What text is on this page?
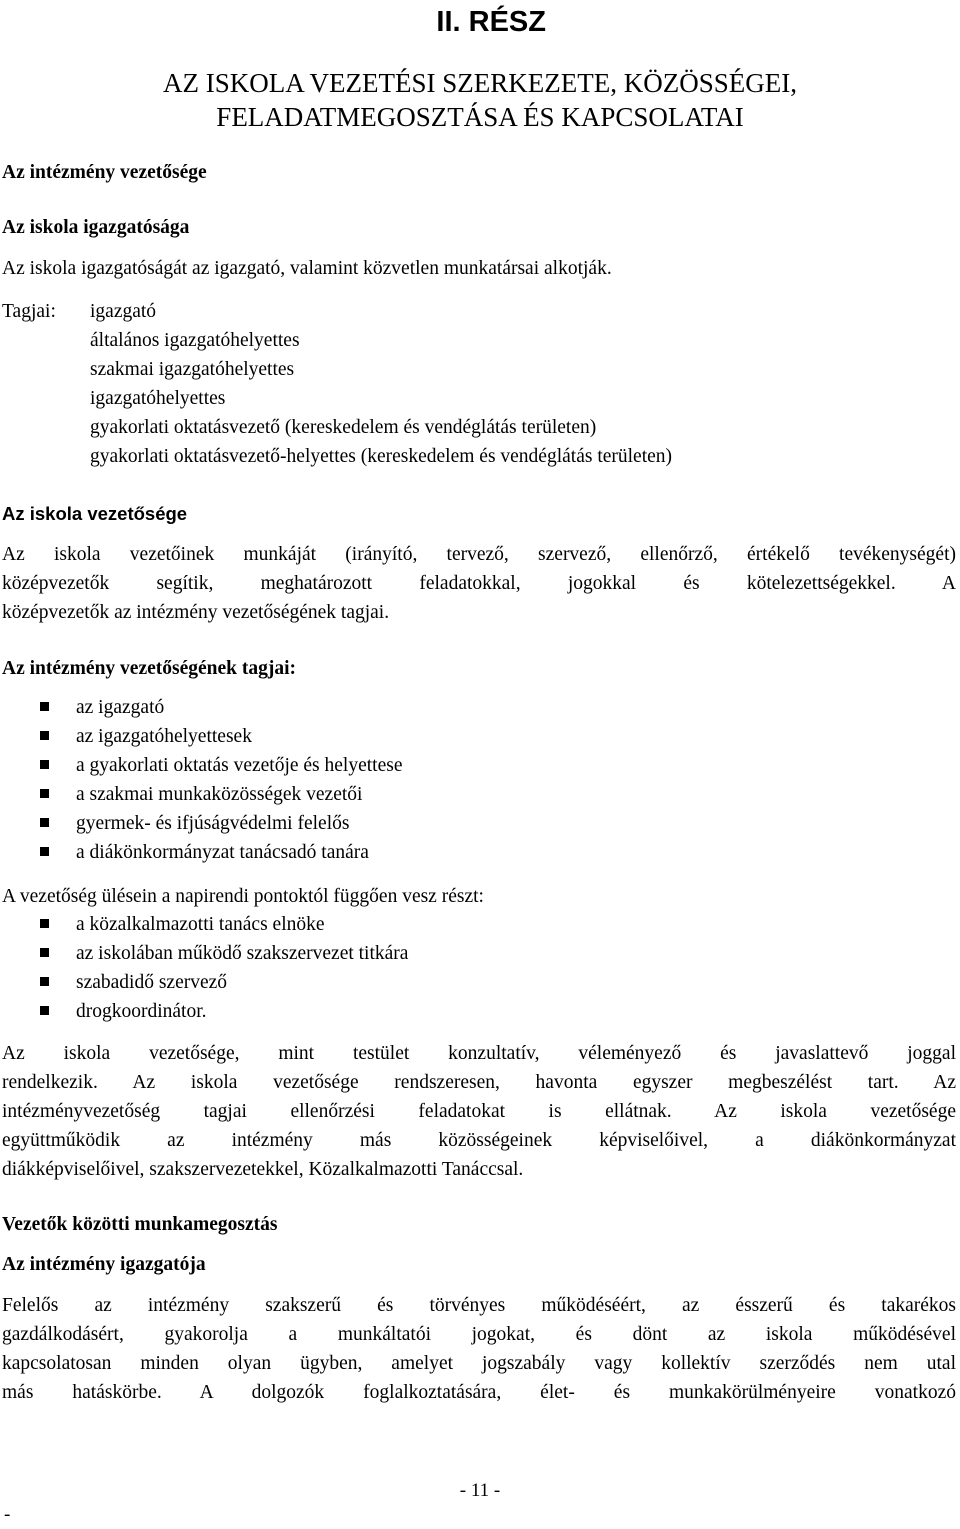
II. RÉSZ
AZ ISKOLA VEZETÉSI SZERKEZETE, KÖZÖSSÉGEI,
FELADATMEGOSZTÁSA ÉS KAPCSOLATAI
Az intézmény vezetősége
Az iskola igazgatósága
Az iskola igazgatóságát az igazgató, valamint közvetlen munkatársai alkotják.
Tagjai: igazgató
általános igazgatóhelyettes
szakmai igazgatóhelyettes
igazgatóhelyettes
gyakorlati oktatásvezető (kereskedelem és vendéglátás területen)
gyakorlati oktatásvezető-helyettes (kereskedelem és vendéglátás területen)
Az iskola vezetősége
Az iskola vezetőinek munkáját (irányító, tervező, szervező, ellenőrző, értékelő tevékenységét)
középvezetők segítik, meghatározott feladatokkal, jogokkal és kötelezettségekkel. A
középvezetők az intézmény vezetőségének tagjai.
Az intézmény vezetőségének tagjai:
az igazgató
az igazgatóhelyettesek
a gyakorlati oktatás vezetője és helyettese
a szakmai munkaközösségek vezetői
gyermek- és ifjúságvédelmi felelős
a diákönkormányzat tanácsadó tanára
A vezetőség ülésein a napirendi pontoktól függően vesz részt:
a közalkalmazotti tanács elnöke
az iskolában működő szakszervezet titkára
szabadidő szervező
drogkoordinátor.
Az iskola vezetősége, mint testület konzultatív, véleményező és javaslattevő joggal
rendelkezik. Az iskola vezetősége rendszeresen, havonta egyszer megbeszélést tart. Az
intézményvezetőség tagjai ellenőrzési feladatokat is ellátnak. Az iskola vezetősége
együttműködik az intézmény más közösségeinek képviselőivel, a diákönkormányzat
diákképviselőivel, szakszervezetekkel, Közalkalmazotti Tanáccsal.
Vezetők közötti munkamegosztás
Az intézmény igazgatója
Felelős az intézmény szakszerű és törvényes működéséért, az ésszerű és takarékos
gazdálkodásért, gyakorolja a munkáltatói jogokat, és dönt az iskola működésével
kapcsolatosan minden olyan ügyben, amelyet jogszabály vagy kollektív szerződés nem utal
más hatáskörbe. A dolgozók foglalkoztatására, élet- és munkakörülményeire vonatkozó
- 11 -
-
